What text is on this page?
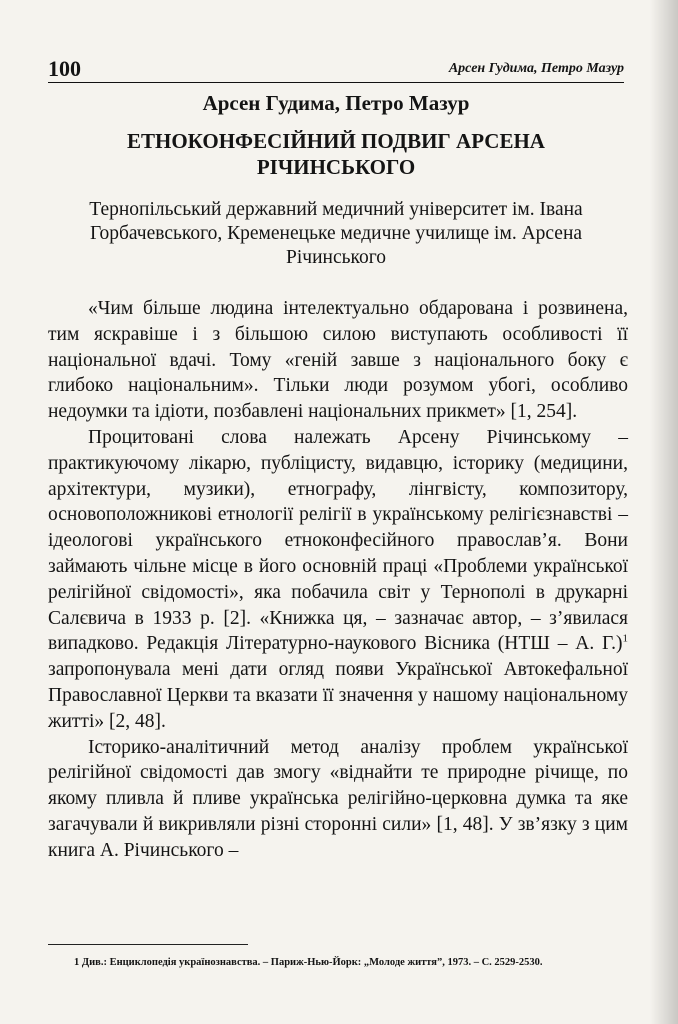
100	Арсен Гудима, Петро Мазур
Арсен Гудима, Петро Мазур
ЕТНОКОНФЕСІЙНИЙ ПОДВИГ АРСЕНА РІЧИНСЬКОГО
Тернопільський державний медичний університет ім. Івана Горбачевського, Кременецьке медичне училище ім. Арсена Річинського

«Чим більше людина інтелектуально обдарована і розвинена, тим яскравіше і з більшою силою виступають особливості її національної вдачі. Тому «геній завше з національного боку є глибоко національним». Тільки люди розумом убогі, особливо недоумки та ідіоти, позбавлені національних прикмет» [1, 254].

Процитовані слова належать Арсену Річинському – практикуючому лікарю, публіцисту, видавцю, історику (медицини, архітектури, музики), етнографу, лінгвісту, композитору, основоположникові етнології релігії в українському релігієзнавстві – ідеологові українського етноконфесійного православ’я. Вони займають чільне місце в його основній праці «Проблеми української релігійної свідомості», яка побачила світ у Тернополі в друкарні Салєвича в 1933 р. [2]. «Книжка ця, – зазначає автор, – з’явилася випадково. Редакція Літературно-наукового Вісника (НТШ – А. Г.)$^1$ запропонувала мені дати огляд появи Української Автокефальної Православної Церкви та вказати її значення у нашому національному житті» [2, 48].

Історико-аналітичний метод аналізу проблем української релігійної свідомості дав змогу «віднайти те природне річище, по якому пливла й пливе українська релігійно-церковна думка та яке загачували й викривляли різні сторонні сили» [1, 48]. У зв’язку з цим книга А. Річинського –

1 Див.: Енциклопедія українознавства. – Париж-Нью-Йорк: „Молоде життя”, 1973. – С. 2529-2530.
